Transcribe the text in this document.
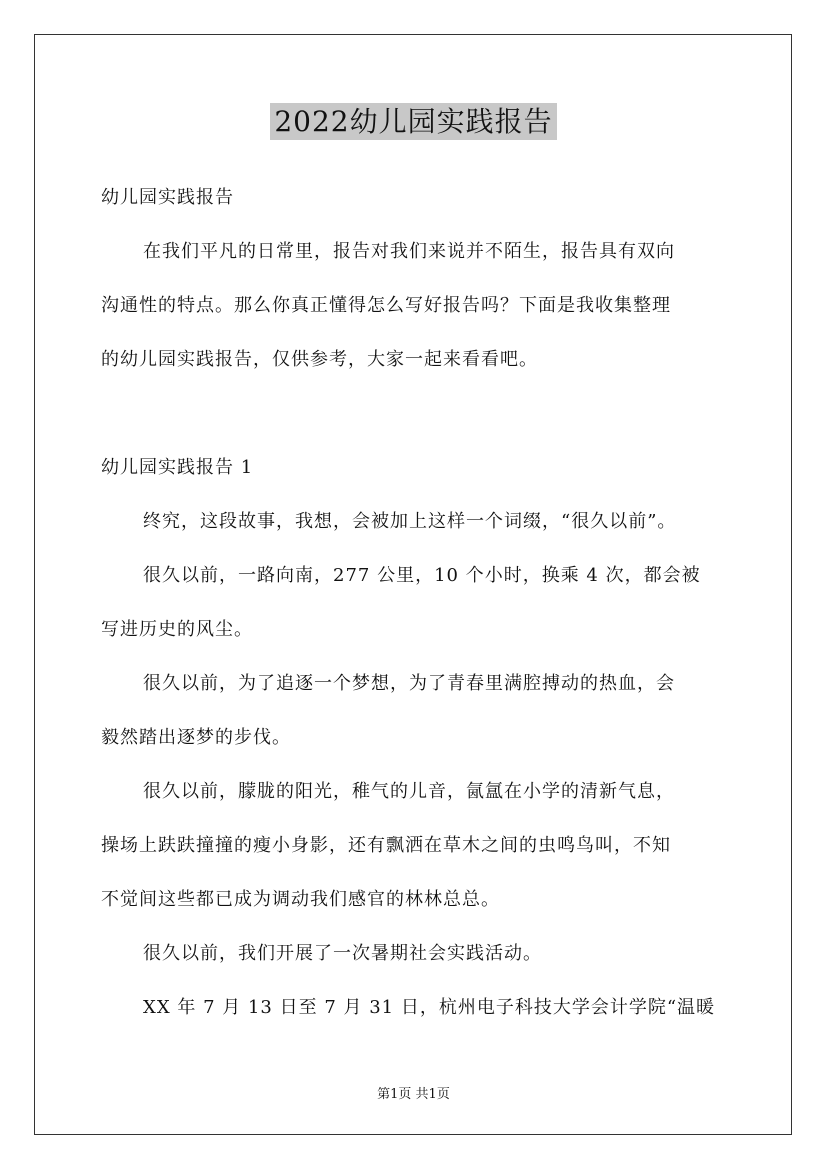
2022幼儿园实践报告
幼儿园实践报告
在我们平凡的日常里，报告对我们来说并不陌生，报告具有双向
沟通性的特点。那么你真正懂得怎么写好报告吗？下面是我收集整理
的幼儿园实践报告，仅供参考，大家一起来看看吧。
幼儿园实践报告 1
终究，这段故事，我想，会被加上这样一个词缀，“很久以前”。
很久以前，一路向南，277 公里，10 个小时，换乘 4 次，都会被
写进历史的风尘。
很久以前，为了追逐一个梦想，为了青春里满腔搏动的热血，会
毅然踏出逐梦的步伐。
很久以前，朦胧的阳光，稚气的儿音，氤氲在小学的清新气息，
操场上趺趺撞撞的瘦小身影，还有飘洒在草木之间的虫鸣鸟叫，不知
不觉间这些都已成为调动我们感官的林林总总。
很久以前，我们开展了一次暑期社会实践活动。
XX 年 7 月 13 日至 7 月 31 日，杭州电子科技大学会计学院“温暖
第1页 共1页
